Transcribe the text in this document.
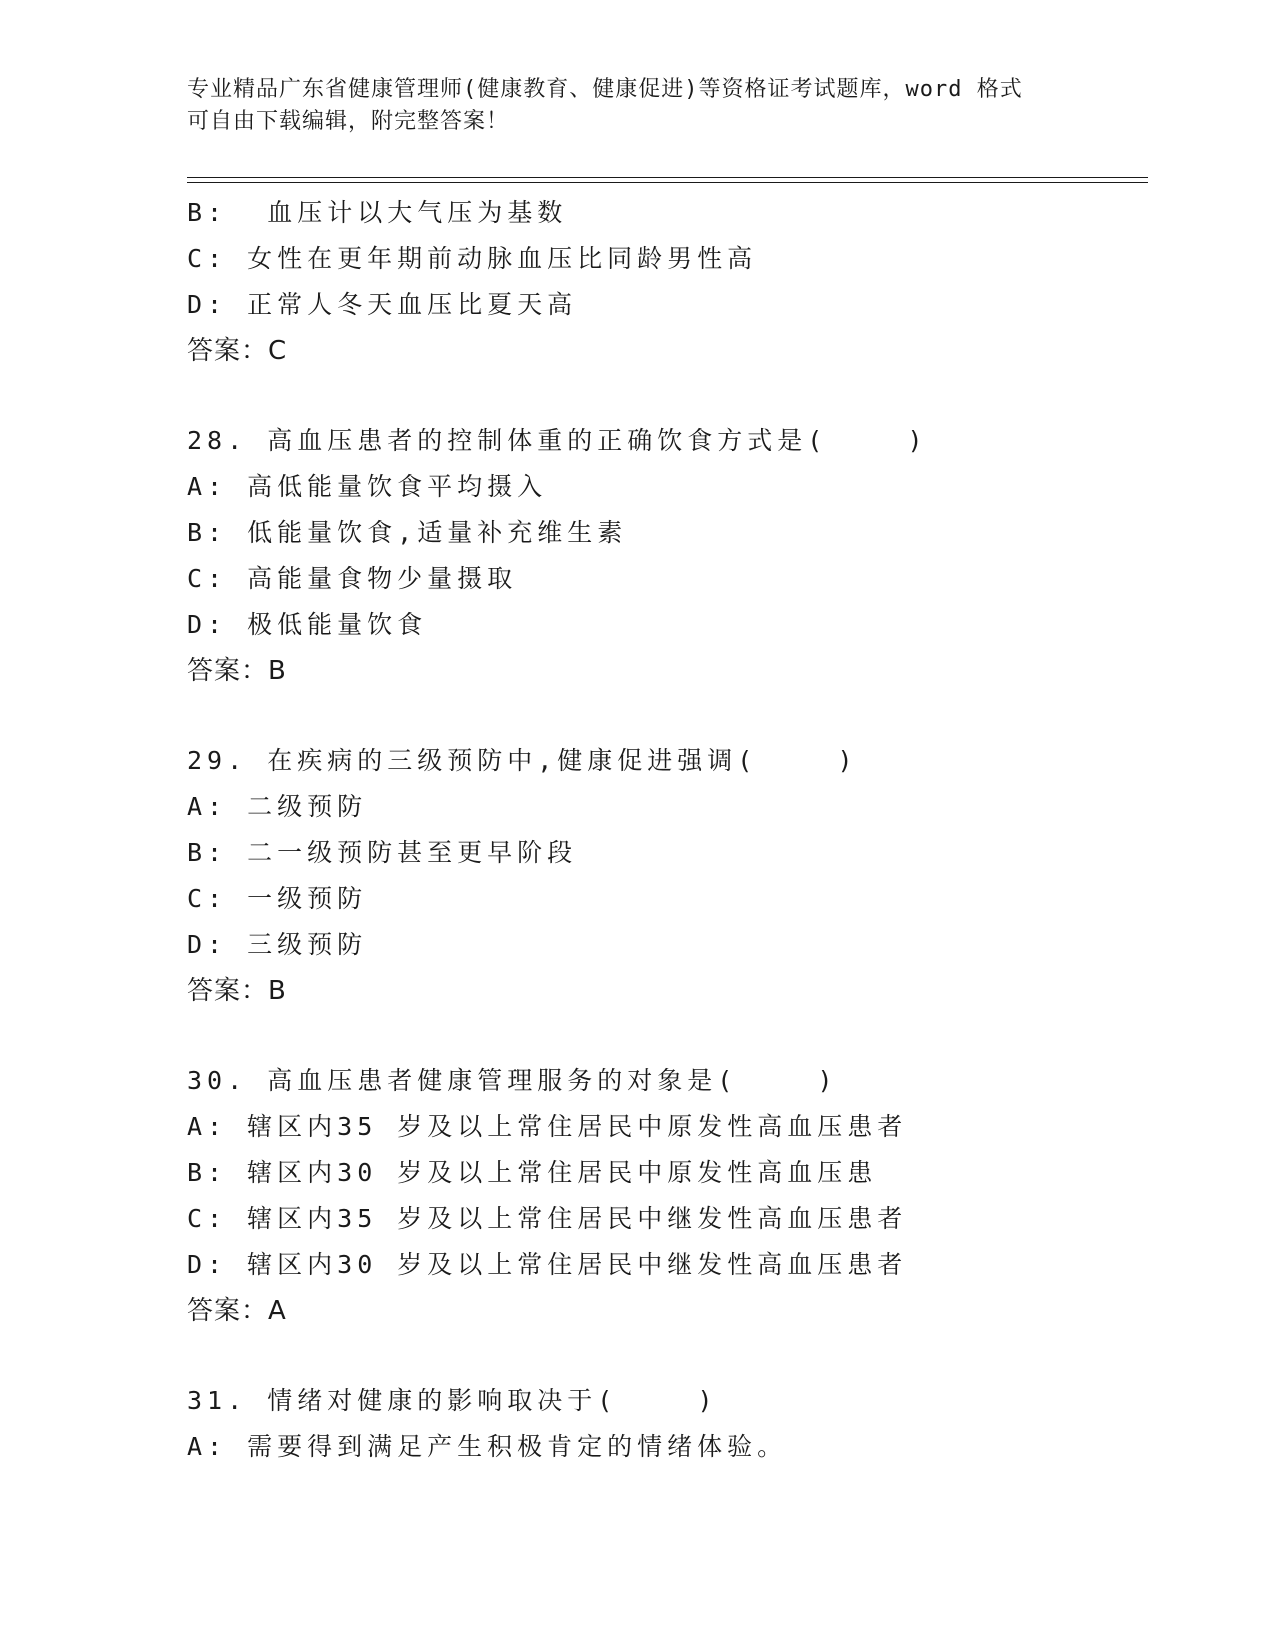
专业精品广东省健康管理师(健康教育、健康促进)等资格证考试题库，word 格式
可自由下载编辑，附完整答案！
B:  血压计以大气压为基数
C: 女性在更年期前动脉血压比同龄男性高
D: 正常人冬天血压比夏天高
答案：C
28. 高血压患者的控制体重的正确饮食方式是(    )
A: 高低能量饮食平均摄入
B: 低能量饮食,适量补充维生素
C: 高能量食物少量摄取
D: 极低能量饮食
答案：B
29. 在疾病的三级预防中,健康促进强调(    )
A: 二级预防
B: 二一级预防甚至更早阶段
C: 一级预防
D: 三级预防
答案：B
30. 高血压患者健康管理服务的对象是(    )
A: 辖区内35 岁及以上常住居民中原发性高血压患者
B: 辖区内30 岁及以上常住居民中原发性高血压患
C: 辖区内35 岁及以上常住居民中继发性高血压患者
D: 辖区内30 岁及以上常住居民中继发性高血压患者
答案：A
31. 情绪对健康的影响取决于(    )
A: 需要得到满足产生积极肯定的情绪体验。
